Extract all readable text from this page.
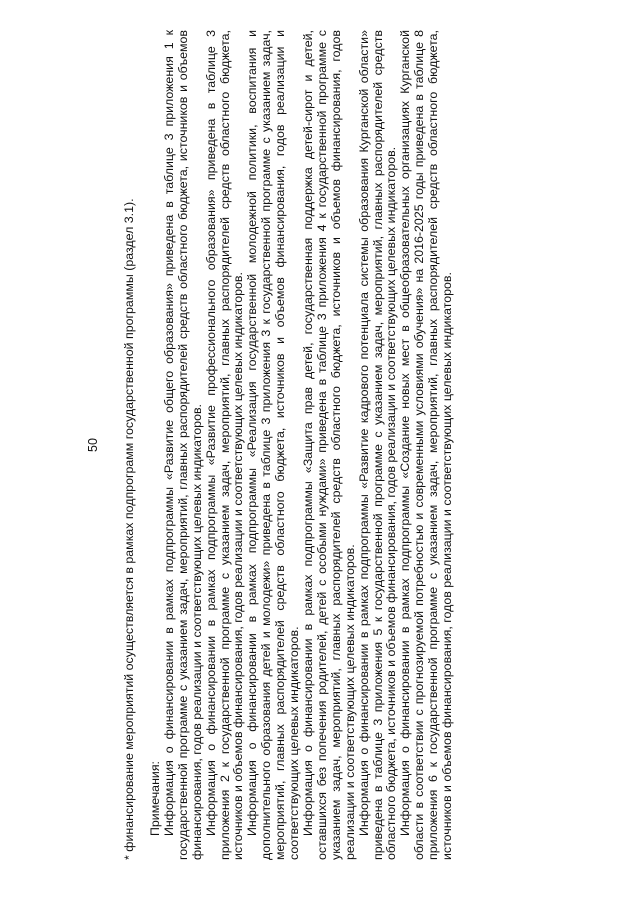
50 * финансирование мероприятий осуществляется в рамках подпрограмм государственной программы (раздел 3.1). Примечания: Информация о финансировании в рамках подпрограммы «Развитие общего образования» приведена в таблице 3 приложения 1 к государственной программе с указанием задач, мероприятий, главных распорядителей средств областного бюджета, источников и объемов финансирования, годов реализации и соответствующих целевых индикаторов. Информация о финансировании в рамках подпрограммы «Развитие профессионального образования» приведена в таблице 3 приложения 2 к государственной программе с указанием задач, мероприятий, главных распорядителей средств областного бюджета, источников и объемов финансирования, годов реализации и соответствующих целевых индикаторов. Информация о финансировании в рамках подпрограммы «Реализация государственной молодежной политики, воспитания и дополнительного образования детей и молодежи» приведена в таблице 3 приложения 3 к государственной программе с указанием задач, мероприятий, главных распорядителей средств областного бюджета, источников и объемов финансирования, годов реализации и соответствующих целевых индикаторов. Информация о финансировании в рамках подпрограммы «Защита прав детей, государственная поддержка детей-сирот и детей, оставшихся без попечения родителей, детей с особыми нуждами» приведена в таблице 3 приложения 4 к государственной программе с указанием задач, мероприятий, главных распорядителей средств областного бюджета, источников и объемов финансирования, годов реализации и соответствующих целевых индикаторов. Информация о финансировании в рамках подпрограммы «Развитие кадрового потенциала системы образования Курганской области» приведена в таблице 3 приложения 5 к государственной программе с указанием задач, мероприятий, главных распорядителей средств областного бюджета, источников и объемов финансирования, годов реализации и соответствующих целевых индикаторов. Информация о финансировании в рамках подпрограммы «Создание новых мест в общеобразовательных организациях Курганской области в соответствии с прогнозируемой потребностью и современными условиями обучения» на 2016-2025 годы приведена в таблице 8 приложения 6 к государственной программе с указанием задач, мероприятий, главных распорядителей средств областного бюджета, источников и объемов финансирования, годов реализации и соответствующих целевых индикаторов.
